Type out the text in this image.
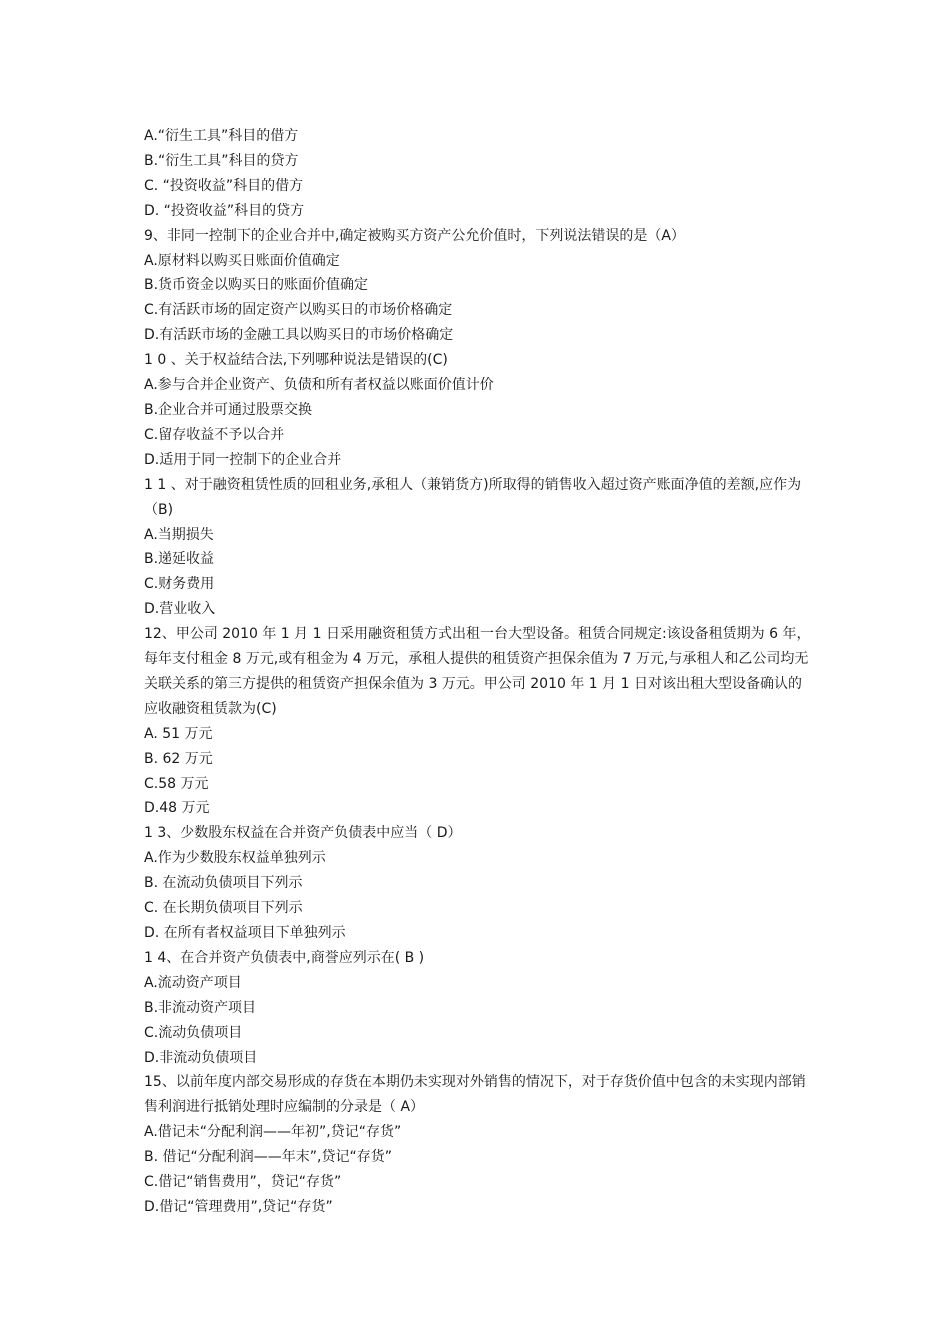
A.“衍生工具”科目的借方
B.“衍生工具”科目的贷方
C. “投资收益”科目的借方
D. “投资收益”科目的贷方
9、非同一控制下的企业合并中,确定被购买方资产公允价值时，下列说法错误的是（A）
A.原材料以购买日账面价值确定
B.货币资金以购买日的账面价值确定
C.有活跃市场的固定资产以购买日的市场价格确定
D.有活跃市场的金融工具以购买日的市场价格确定
1 0 、关于权益结合法,下列哪种说法是错误的(C)
A.参与合并企业资产、负债和所有者权益以账面价值计价
B.企业合并可通过股票交换
C.留存收益不予以合并
D.适用于同一控制下的企业合并
1 1 、对于融资租赁性质的回租业务,承租人（兼销货方)所取得的销售收入超过资产账面净值的差额,应作为（B)
A.当期损失
B.递延收益
C.财务费用
D.营业收入
12、甲公司 2010 年 1 月 1 日采用融资租赁方式出租一台大型设备。租赁合同规定:该设备租赁期为 6 年，每年支付租金 8 万元,或有租金为 4 万元，承租人提供的租赁资产担保余值为 7 万元,与承租人和乙公司均无关联关系的第三方提供的租赁资产担保余值为 3 万元。甲公司 2010 年 1 月 1 日对该出租大型设备确认的应收融资租赁款为(C)
A. 51 万元
B. 62 万元
C.58 万元
D.48 万元
1 3、少数股东权益在合并资产负债表中应当（ D）
A.作为少数股东权益单独列示
B. 在流动负债项目下列示
C. 在长期负债项目下列示
D. 在所有者权益项目下单独列示
1 4、在合并资产负债表中,商誉应列示在( B )
A.流动资产项目
B.非流动资产项目
C.流动负债项目
D.非流动负债项目
15、以前年度内部交易形成的存货在本期仍未实现对外销售的情况下，对于存货价值中包含的未实现内部销售利润进行抵销处理时应编制的分录是（ A）
A.借记未“分配利润——年初”,贷记“存货”
B. 借记“分配利润——年末”,贷记“存货”
C.借记“销售费用”，贷记“存货”
D.借记“管理费用”,贷记“存货”
